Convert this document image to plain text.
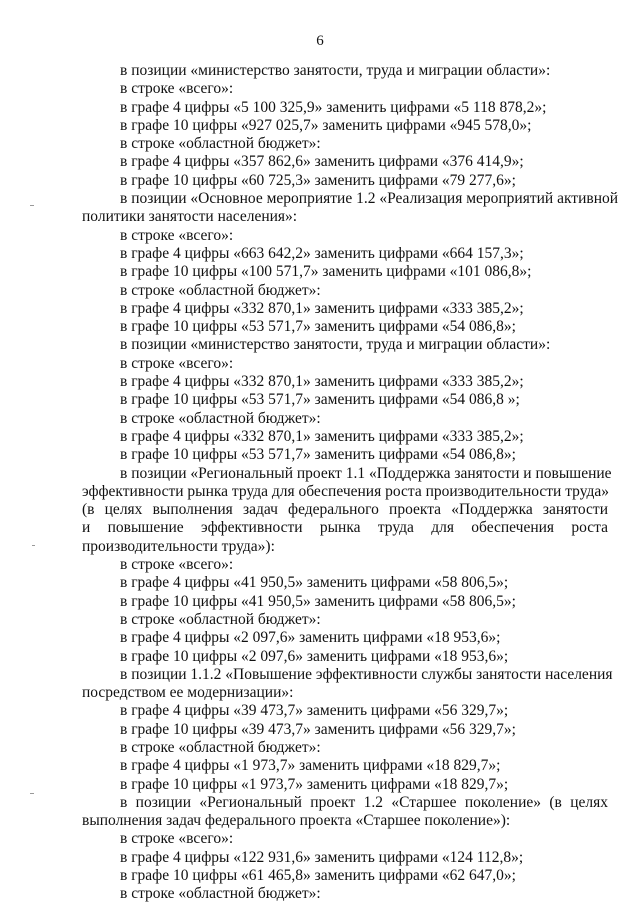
6
в позиции «министерство занятости, труда и миграции области»:
в строке «всего»:
в графе 4 цифры «5 100 325,9» заменить цифрами «5 118 878,2»;
в графе 10 цифры «927 025,7» заменить цифрами «945 578,0»;
в строке «областной бюджет»:
в графе 4 цифры «357 862,6» заменить цифрами «376 414,9»;
в графе 10 цифры «60 725,3» заменить цифрами «79 277,6»;
в позиции «Основное мероприятие 1.2 «Реализация мероприятий активной
политики занятости населения»:
в строке «всего»:
в графе 4 цифры «663 642,2» заменить цифрами «664 157,3»;
в графе 10 цифры «100 571,7» заменить цифрами «101 086,8»;
в строке «областной бюджет»:
в графе 4 цифры «332 870,1» заменить цифрами «333 385,2»;
в графе 10 цифры «53 571,7» заменить цифрами «54 086,8»;
в позиции «министерство занятости, труда и миграции области»:
в строке «всего»:
в графе 4 цифры «332 870,1» заменить цифрами «333 385,2»;
в графе 10 цифры «53 571,7» заменить цифрами «54 086,8 »;
в строке «областной бюджет»:
в графе 4 цифры «332 870,1» заменить цифрами «333 385,2»;
в графе 10 цифры «53 571,7» заменить цифрами «54 086,8»;
в позиции «Региональный проект 1.1 «Поддержка занятости и повышение
эффективности рынка труда для обеспечения роста производительности труда»
(в целях выполнения задач федерального проекта «Поддержка занятости
и повышение эффективности рынка труда для обеспечения роста
производительности труда»):
в строке «всего»:
в графе 4 цифры «41 950,5» заменить цифрами «58 806,5»;
в графе 10 цифры «41 950,5» заменить цифрами «58 806,5»;
в строке «областной бюджет»:
в графе 4 цифры «2 097,6» заменить цифрами «18 953,6»;
в графе 10 цифры «2 097,6» заменить цифрами «18 953,6»;
в позиции 1.1.2 «Повышение эффективности службы занятости населения
посредством ее модернизации»:
в графе 4 цифры «39 473,7» заменить цифрами «56 329,7»;
в графе 10 цифры «39 473,7» заменить цифрами «56 329,7»;
в строке «областной бюджет»:
в графе 4 цифры «1 973,7» заменить цифрами «18 829,7»;
в графе 10 цифры «1 973,7» заменить цифрами «18 829,7»;
в позиции «Региональный проект 1.2 «Старшее поколение» (в целях
выполнения задач федерального проекта «Старшее поколение»):
в строке «всего»:
в графе 4 цифры «122 931,6» заменить цифрами «124 112,8»;
в графе 10 цифры «61 465,8» заменить цифрами «62 647,0»;
в строке «областной бюджет»:
